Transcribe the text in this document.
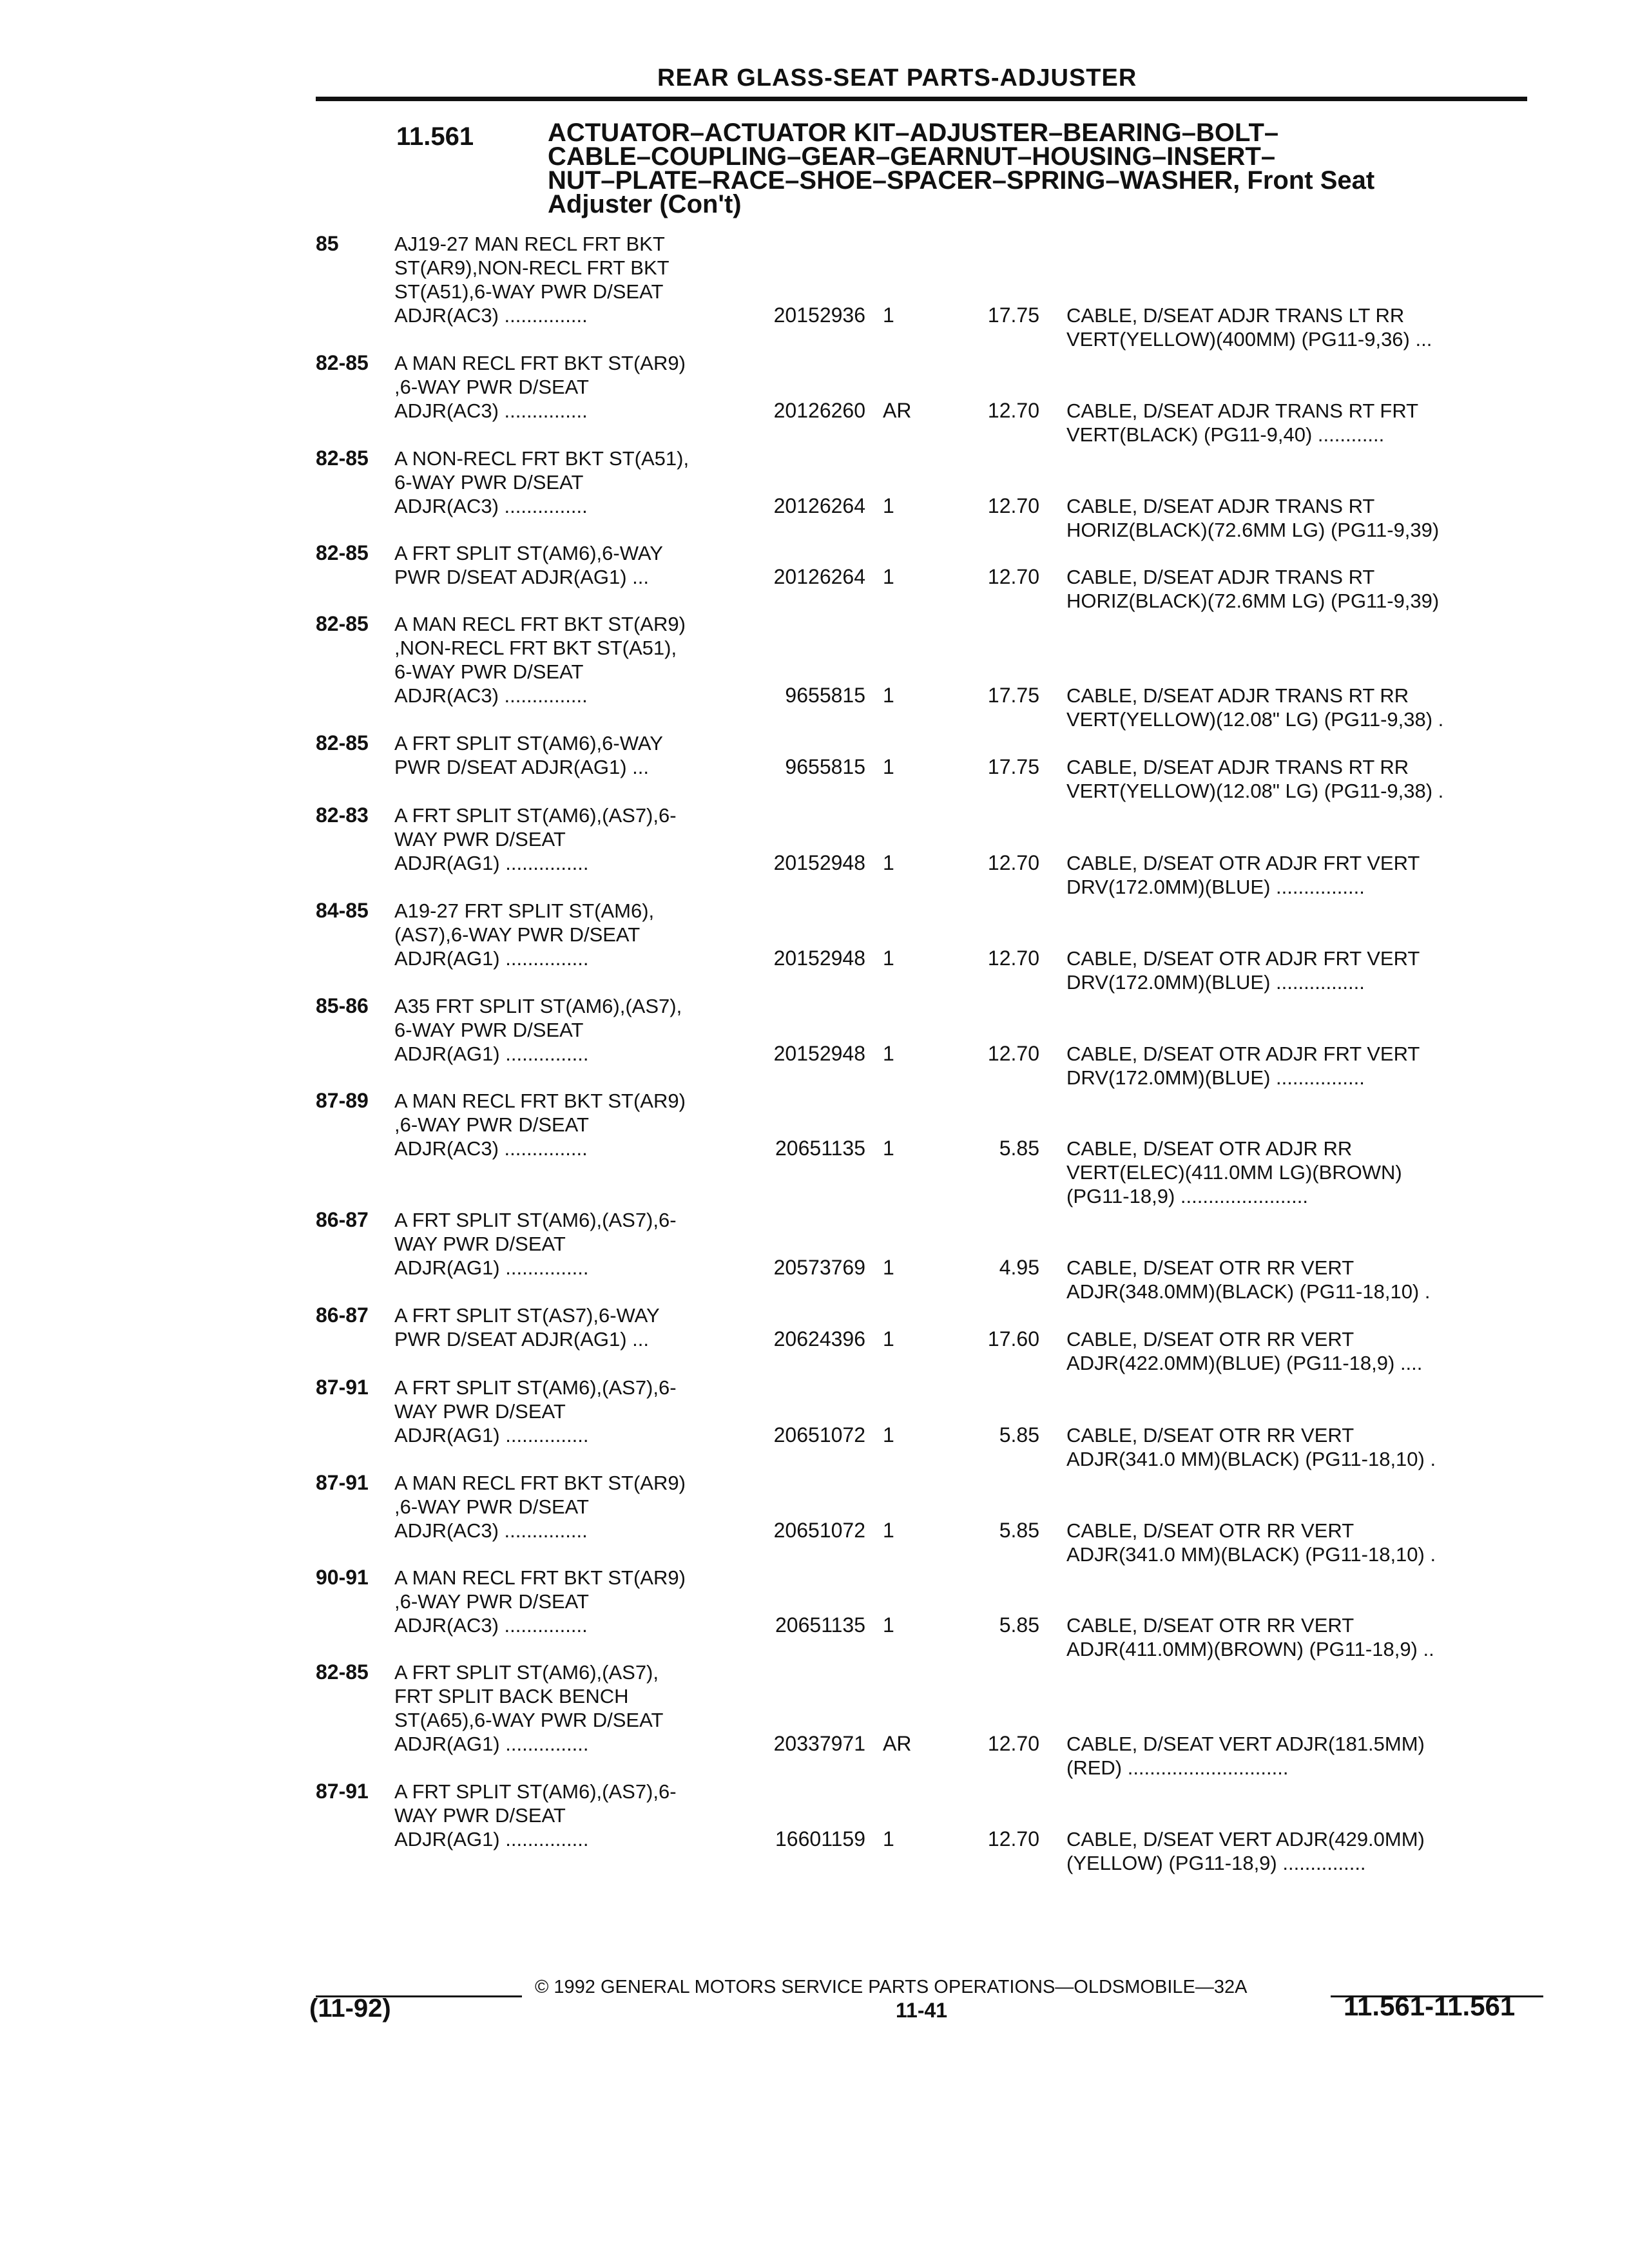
REAR GLASS-SEAT PARTS-ADJUSTER
11.561	ACTUATOR–ACTUATOR KIT–ADJUSTER–BEARING–BOLT–
CABLE–COUPLING–GEAR–GEARNUT–HOUSING–INSERT–
NUT–PLATE–RACE–SHOE–SPACER–SPRING–WASHER, Front Seat
Adjuster (Con't)
85	AJ19-27 MAN RECL FRT BKT
ST(AR9),NON-RECL FRT BKT
ST(A51),6-WAY PWR D/SEAT
ADJR(AC3) ...............	20152936 1	17.75 CABLE, D/SEAT ADJR TRANS LT RR
VERT(YELLOW)(400MM) (PG11-9,36) ...
82-85 A MAN RECL FRT BKT ST(AR9)
,6-WAY PWR D/SEAT
ADJR(AC3) ...............	20126260 AR	12.70 CABLE, D/SEAT ADJR TRANS RT FRT
VERT(BLACK) (PG11-9,40) ............
82-85 A NON-RECL FRT BKT ST(A51),
6-WAY PWR D/SEAT
ADJR(AC3) ...............	20126264 1	12.70 CABLE, D/SEAT ADJR TRANS RT
HORIZ(BLACK)(72.6MM LG) (PG11-9,39)
82-85 A FRT SPLIT ST(AM6),6-WAY
PWR D/SEAT ADJR(AG1) ...	20126264 1	12.70 CABLE, D/SEAT ADJR TRANS RT
HORIZ(BLACK)(72.6MM LG) (PG11-9,39)
82-85 A MAN RECL FRT BKT ST(AR9)
,NON-RECL FRT BKT ST(A51),
6-WAY PWR D/SEAT
ADJR(AC3) ...............	9655815 1	17.75 CABLE, D/SEAT ADJR TRANS RT RR
VERT(YELLOW)(12.08" LG) (PG11-9,38) .
82-85 A FRT SPLIT ST(AM6),6-WAY
PWR D/SEAT ADJR(AG1) ...	9655815 1	17.75 CABLE, D/SEAT ADJR TRANS RT RR
VERT(YELLOW)(12.08" LG) (PG11-9,38) .
82-83 A FRT SPLIT ST(AM6),(AS7),6-
WAY PWR D/SEAT
ADJR(AG1) ...............	20152948 1	12.70 CABLE, D/SEAT OTR ADJR FRT VERT
DRV(172.0MM)(BLUE) ................
84-85 A19-27 FRT SPLIT ST(AM6),
(AS7),6-WAY PWR D/SEAT
ADJR(AG1) ...............	20152948 1	12.70 CABLE, D/SEAT OTR ADJR FRT VERT
DRV(172.0MM)(BLUE) ................
85-86 A35 FRT SPLIT ST(AM6),(AS7),
6-WAY PWR D/SEAT
ADJR(AG1) ...............	20152948 1	12.70 CABLE, D/SEAT OTR ADJR FRT VERT
DRV(172.0MM)(BLUE) ................
87-89 A MAN RECL FRT BKT ST(AR9)
,6-WAY PWR D/SEAT
ADJR(AC3) ...............	20651135 1	5.85 CABLE, D/SEAT OTR ADJR RR
VERT(ELEC)(411.0MM LG)(BROWN)
(PG11-18,9) .......................
86-87 A FRT SPLIT ST(AM6),(AS7),6-
WAY PWR D/SEAT
ADJR(AG1) ...............	20573769 1	4.95 CABLE, D/SEAT OTR RR VERT
ADJR(348.0MM)(BLACK) (PG11-18,10) .
86-87 A FRT SPLIT ST(AS7),6-WAY
PWR D/SEAT ADJR(AG1) ...	20624396 1	17.60 CABLE, D/SEAT OTR RR VERT
ADJR(422.0MM)(BLUE) (PG11-18,9) ....
87-91 A FRT SPLIT ST(AM6),(AS7),6-
WAY PWR D/SEAT
ADJR(AG1) ...............	20651072 1	5.85 CABLE, D/SEAT OTR RR VERT
ADJR(341.0 MM)(BLACK) (PG11-18,10) .
87-91 A MAN RECL FRT BKT ST(AR9)
,6-WAY PWR D/SEAT
ADJR(AC3) ...............	20651072 1	5.85 CABLE, D/SEAT OTR RR VERT
ADJR(341.0 MM)(BLACK) (PG11-18,10) .
90-91 A MAN RECL FRT BKT ST(AR9)
,6-WAY PWR D/SEAT
ADJR(AC3) ...............	20651135 1	5.85 CABLE, D/SEAT OTR RR VERT
ADJR(411.0MM)(BROWN) (PG11-18,9) ..
82-85 A FRT SPLIT ST(AM6),(AS7),
FRT SPLIT BACK BENCH
ST(A65),6-WAY PWR D/SEAT
ADJR(AG1) ...............	20337971 AR	12.70 CABLE, D/SEAT VERT ADJR(181.5MM)
(RED) .............................
87-91 A FRT SPLIT ST(AM6),(AS7),6-
WAY PWR D/SEAT
ADJR(AG1) ...............	16601159 1	12.70 CABLE, D/SEAT VERT ADJR(429.0MM)
(YELLOW) (PG11-18,9) ...............
© 1992 GENERAL MOTORS SERVICE PARTS OPERATIONS—OLDSMOBILE—32A
(11-92)	11-41	11.561-11.561
